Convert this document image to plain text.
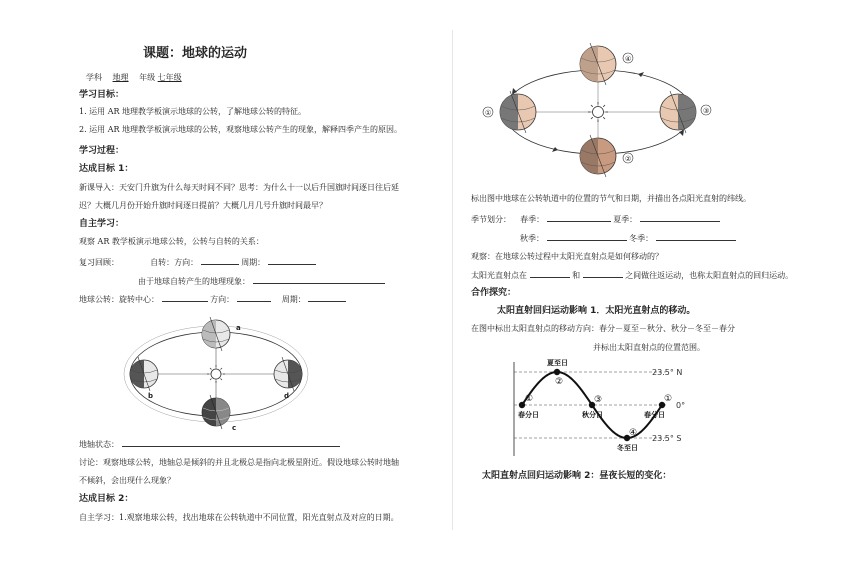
课题：地球的运动
学科 地理 年级 七年级
学习目标：
1. 运用 AR 地理教学板演示地球的公转，了解地球公转的特征。
2. 运用 AR 地理教学板演示地球的公转，观察地球公转产生的现象，解释四季产生的原因。
学习过程：
达成目标 1：
新课导入：天安门升旗为什么每天时间不同？思考：为什么十一以后升国旗时间逐日往后延
迟？大概几月份开始升旗时间逐日提前？大概几月几号升旗时间最早？
自主学习：
观察 AR 教学板演示地球公转，公转与自转的关系：
复习回顾：	自转：方向：	周期：
由于地球自转产生的地理现象：
地球公转：旋转中心：	方向：	周期：
a
b
c
d
地轴状态：
讨论：观察地球公转，地轴总是倾斜的并且北极总是指向北极星附近。假设地球公转时地轴
不倾斜，会出现什么现象？
达成目标 2：
自主学习：1.观察地球公转，找出地球在公转轨道中不同位置，阳光直射点及对应的日期。
④
①
②
③
标出图中地球在公转轨道中的位置的节气和日期，并描出各点阳光直射的纬线。
季节划分： 春季：	夏季：
秋季：	冬季：
观察：在地球公转过程中太阳光直射点是如何移动的？
太阳光直射点在	和	之间做往返运动，也称太阳直射点的回归运动。
合作探究：
太阳直射回归运动影响 1．太阳光直射点的移动。
在图中标出太阳直射点的移动方向：春分－夏至－秋分、秋分－冬至－春分
并标出太阳直射点的位置范围。
①
②
③
④
①
春分日
夏至日
秋分日
冬至日
春分日
23.5° N
0°
23.5° S
太阳直射点回归运动影响 2：昼夜长短的变化：
